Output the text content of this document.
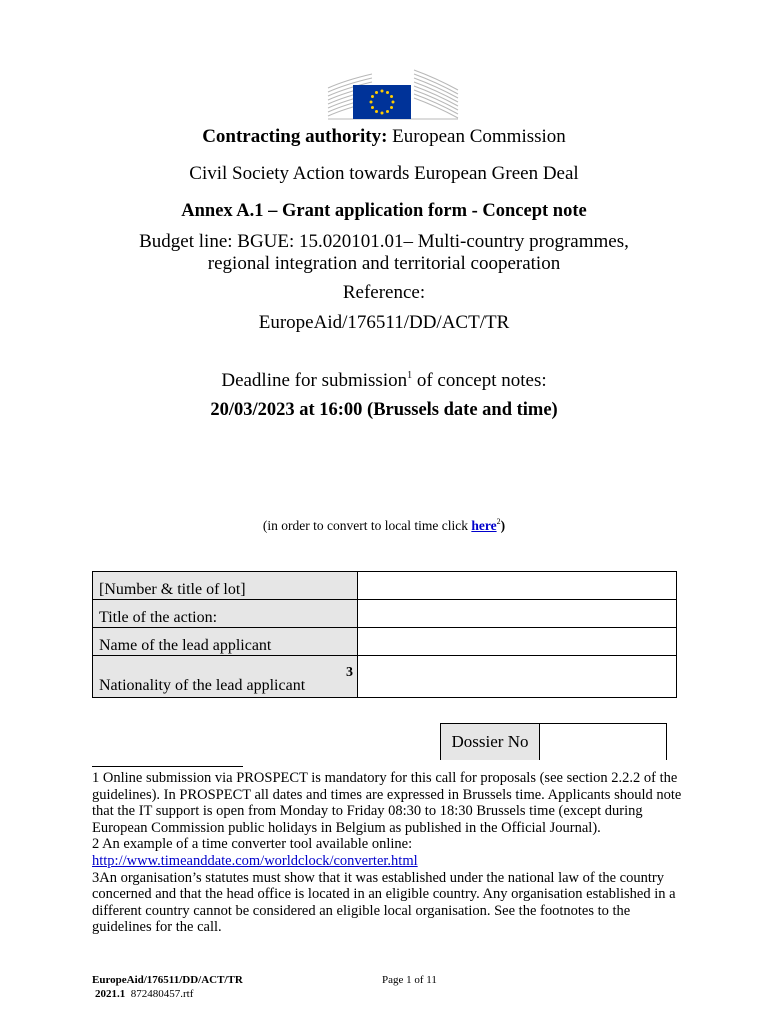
Contracting authority: European Commission
Civil Society Action towards European Green Deal
Annex A.1 – Grant application form - Concept note
Budget line: BGUE: 15.020101.01– Multi-country programmes,
regional integration and territorial cooperation
Reference:
EuropeAid/176511/DD/ACT/TR
Deadline for submission$^1$ of concept notes:
20/03/2023 at 16:00 (Brussels date and time)
(in order to convert to local time click here$^2$)
[Number & title of lot]	
Title of the action:	
Name of the lead applicant	

Nationality of the lead applicant
3	

Dossier No	

1 Online submission via PROSPECT is mandatory for this call for proposals (see section 2.2.2 of the guidelines). In PROSPECT all dates and times are expressed in Brussels time. Applicants should note that the IT support is open from Monday to Friday 08:30 to 18:30 Brussels time (except during European Commission public holidays in Belgium as published in the Official Journal).

2 An example of a time converter tool available online:
http://www.timeanddate.com/worldclock/converter.html

3An organisation’s statutes must show that it was established under the national law of the country concerned and that the head office is located in an eligible country. Any organisation established in a different country cannot be considered an eligible local organisation. See the footnotes to the guidelines for the call.

EuropeAid/176511/DD/ACT/TR	Page 1 of 11
2021.1 872480457.rtf
